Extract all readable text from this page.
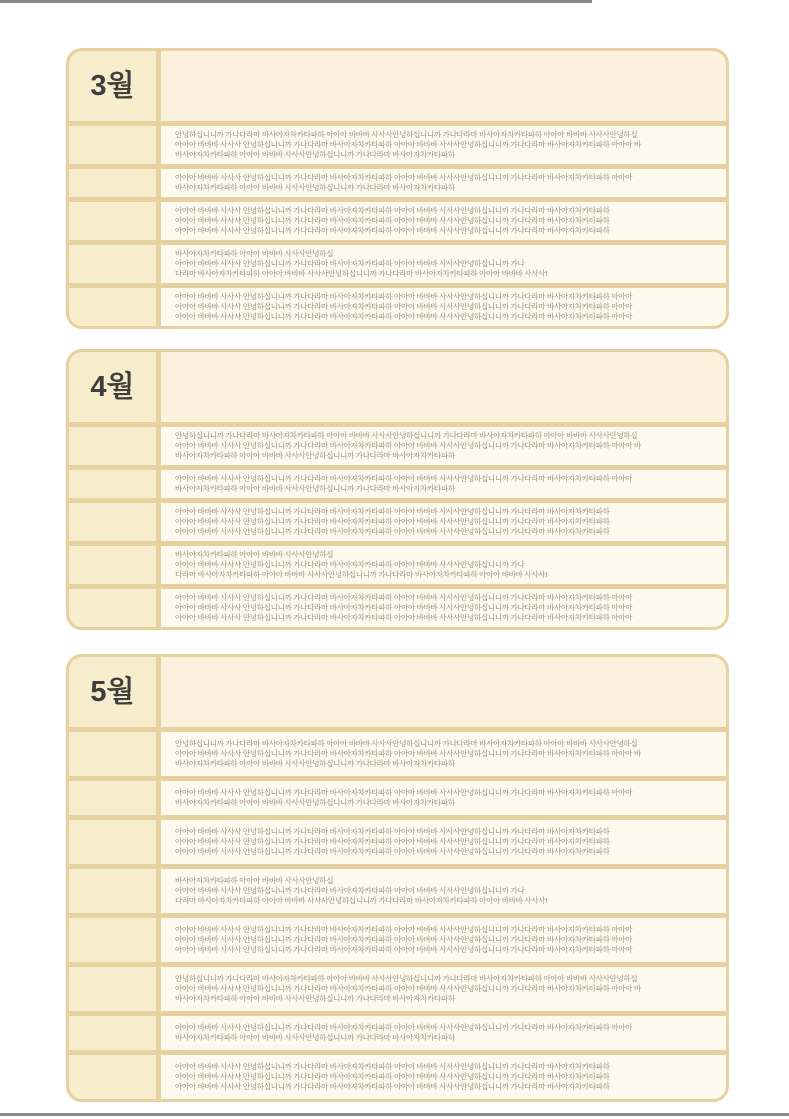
3월
안녕하십니니까 가나다라마 바사아자차카타파하 아아아 바바바 사사사안녕하십니니까 가나다라마 바사아자차카타파하 아아아 바바바 사사사안녕하십
아아아 바바바 사사사 안녕하십니니까 가나다라마 바사아자차카타파하 아아아 바바바 사사사안녕하십니니까 가나다라마 바사아자차카타파하 아아아 바
바사아자차카타파하 아아아 바바바 사사사안녕하십니니까 가나다라마 바사아자차카타파하
아아아 바바바 사사사 안녕하십니니까 가나다라마 바사아자차카타파하 아아아 바바바 사사사안녕하십니니까 가나다라마 바사아자차카타파하 아아아
바사아자차카타파하 아아아 바바바 사사사안녕하십니니까 가나다라마 바사아자차카타파하
아아아 바바바 사사사 안녕하십니니까 가나다라마 바사아자차카타파하 아아아 바바바 사사사안녕하십니니까 가나다라마 바사아자차카타파하
아아아 바바바 사사사 안녕하십니니까 가나다라마 바사아자차카타파하 아아아 바바바 사사사안녕하십니니까 가나다라마 바사아자차카타파하
아아아 바바바 사사사 안녕하십니니까 가나다라마 바사아자차카타파하 아아아 바바바 사사사안녕하십니니까 가나다라마 바사아자차카타파하
바사아자차카타파하 아아아 바바바 사사사안녕하십
아아아 바바바 사사사 안녕하십니니까 가나다라마 바사아자차카타파하 아아아 바바바 사사사안녕하십니니까 가나
다라마 바사아자차카타파하 아아아 바바바 사사사안녕하십니니까 가나다라마 바사아자차카타파하 아아아 바바바 사사사!
아아아 바바바 사사사 안녕하십니니까 가나다라마 바사아자차카타파하 아아아 바바바 사사사안녕하십니니까 가나다라마 바사아자차카타파하 아아아
아아아 바바바 사사사 안녕하십니니까 가나다라마 바사아자차카타파하 아아아 바바바 사사사안녕하십니니까 가나다라마 바사아자차카타파하 아아아
아아아 바바바 사사사 안녕하십니니까 가나다라마 바사아자차카타파하 아아아 바바바 사사사안녕하십니니까 가나다라마 바사아자차카타파하 아아아
4월
안녕하십니니까 가나다라마 바사아자차카타파하 아아아 바바바 사사사안녕하십니니까 가나다라마 바사아자차카타파하 아아아 바바바 사사사안녕하십
아아아 바바바 사사사 안녕하십니니까 가나다라마 바사아자차카타파하 아아아 바바바 사사사안녕하십니니까 가나다라마 바사아자차카타파하 아아아 바
바사아자차카타파하 아아아 바바바 사사사안녕하십니니까 가나다라마 바사아자차카타파하
아아아 바바바 사사사 안녕하십니니까 가나다라마 바사아자차카타파하 아아아 바바바 사사사안녕하십니니까 가나다라마 바사아자차카타파하 아아아
바사아자차카타파하 아아아 바바바 사사사안녕하십니니까 가나다라마 바사아자차카타파하
아아아 바바바 사사사 안녕하십니니까 가나다라마 바사아자차카타파하 아아아 바바바 사사사안녕하십니니까 가나다라마 바사아자차카타파하
아아아 바바바 사사사 안녕하십니니까 가나다라마 바사아자차카타파하 아아아 바바바 사사사안녕하십니니까 가나다라마 바사아자차카타파하
아아아 바바바 사사사 안녕하십니니까 가나다라마 바사아자차카타파하 아아아 바바바 사사사안녕하십니니까 가나다라마 바사아자차카타파하
바사아자차카타파하 아아아 바바바 사사사안녕하십
아아아 바바바 사사사 안녕하십니니까 가나다라마 바사아자차카타파하 아아아 바바바 사사사안녕하십니니까 가나
다라마 바사아자차카타파하 아아아 바바바 사사사안녕하십니니까 가나다라마 바사아자차카타파하 아아아 바바바 사사사!
아아아 바바바 사사사 안녕하십니니까 가나다라마 바사아자차카타파하 아아아 바바바 사사사안녕하십니니까 가나다라마 바사아자차카타파하 아아아
아아아 바바바 사사사 안녕하십니니까 가나다라마 바사아자차카타파하 아아아 바바바 사사사안녕하십니니까 가나다라마 바사아자차카타파하 아아아
아아아 바바바 사사사 안녕하십니니까 가나다라마 바사아자차카타파하 아아아 바바바 사사사안녕하십니니까 가나다라마 바사아자차카타파하 아아아
5월
안녕하십니니까 가나다라마 바사아자차카타파하 아아아 바바바 사사사안녕하십니니까 가나다라마 바사아자차카타파하 아아아 바바바 사사사안녕하십
아아아 바바바 사사사 안녕하십니니까 가나다라마 바사아자차카타파하 아아아 바바바 사사사안녕하십니니까 가나다라마 바사아자차카타파하 아아아 바
바사아자차카타파하 아아아 바바바 사사사안녕하십니니까 가나다라마 바사아자차카타파하
아아아 바바바 사사사 안녕하십니니까 가나다라마 바사아자차카타파하 아아아 바바바 사사사안녕하십니니까 가나다라마 바사아자차카타파하 아아아
바사아자차카타파하 아아아 바바바 사사사안녕하십니니까 가나다라마 바사아자차카타파하
아아아 바바바 사사사 안녕하십니니까 가나다라마 바사아자차카타파하 아아아 바바바 사사사안녕하십니니까 가나다라마 바사아자차카타파하
아아아 바바바 사사사 안녕하십니니까 가나다라마 바사아자차카타파하 아아아 바바바 사사사안녕하십니니까 가나다라마 바사아자차카타파하
아아아 바바바 사사사 안녕하십니니까 가나다라마 바사아자차카타파하 아아아 바바바 사사사안녕하십니니까 가나다라마 바사아자차카타파하
바사아자차카타파하 아아아 바바바 사사사안녕하십
아아아 바바바 사사사 안녕하십니니까 가나다라마 바사아자차카타파하 아아아 바바바 사사사안녕하십니니까 가나
다라마 바사아자차카타파하 아아아 바바바 사사사안녕하십니니까 가나다라마 바사아자차카타파하 아아아 바바바 사사사!
아아아 바바바 사사사 안녕하십니니까 가나다라마 바사아자차카타파하 아아아 바바바 사사사안녕하십니니까 가나다라마 바사아자차카타파하 아아아
아아아 바바바 사사사 안녕하십니니까 가나다라마 바사아자차카타파하 아아아 바바바 사사사안녕하십니니까 가나다라마 바사아자차카타파하 아아아
아아아 바바바 사사사 안녕하십니니까 가나다라마 바사아자차카타파하 아아아 바바바 사사사안녕하십니니까 가나다라마 바사아자차카타파하 아아아
안녕하십니니까 가나다라마 바사아자차카타파하 아아아 바바바 사사사안녕하십니니까 가나다라마 바사아자차카타파하 아아아 바바바 사사사안녕하십
아아아 바바바 사사사 안녕하십니니까 가나다라마 바사아자차카타파하 아아아 바바바 사사사안녕하십니니까 가나다라마 바사아자차카타파하 아아아 바
바사아자차카타파하 아아아 바바바 사사사안녕하십니니까 가나다라마 바사아자차카타파하
아아아 바바바 사사사 안녕하십니니까 가나다라마 바사아자차카타파하 아아아 바바바 사사사안녕하십니니까 가나다라마 바사아자차카타파하 아아아
바사아자차카타파하 아아아 바바바 사사사안녕하십니니까 가나다라마 바사아자차카타파하
아아아 바바바 사사사 안녕하십니니까 가나다라마 바사아자차카타파하 아아아 바바바 사사사안녕하십니니까 가나다라마 바사아자차카타파하
아아아 바바바 사사사 안녕하십니니까 가나다라마 바사아자차카타파하 아아아 바바바 사사사안녕하십니니까 가나다라마 바사아자차카타파하
아아아 바바바 사사사 안녕하십니니까 가나다라마 바사아자차카타파하 아아아 바바바 사사사안녕하십니니까 가나다라마 바사아자차카타파하
